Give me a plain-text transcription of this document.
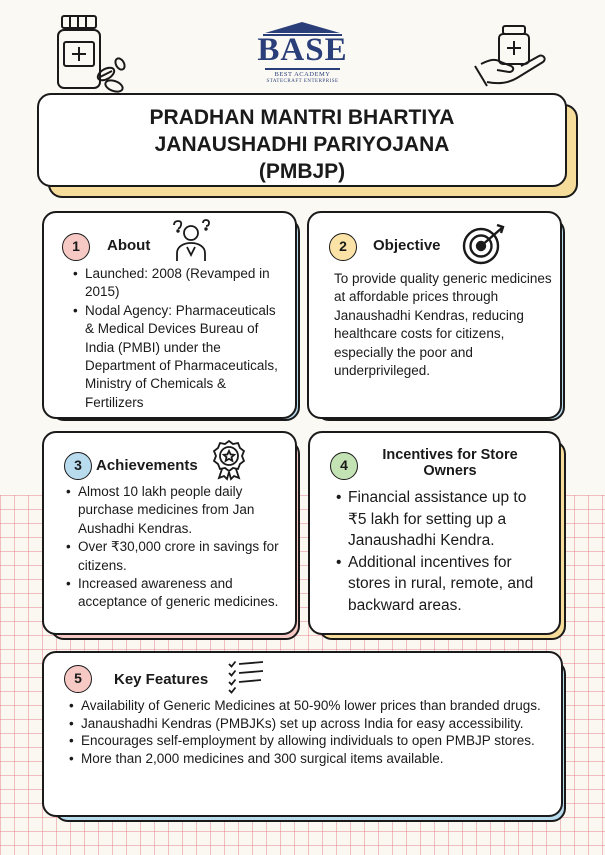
BASE
BEST ACADEMY
STATECRAFT ENTERPRISE
PRADHAN MANTRI BHARTIYA
JANAUSHADHI PARIYOJANA
(PMBJP)
1	About
• Launched: 2008 (Revamped in 2015)
• Nodal Agency: Pharmaceuticals & Medical Devices Bureau of India (PMBI) under the Department of Pharmaceuticals, Ministry of Chemicals & Fertilizers
2	Objective
To provide quality generic medicines at affordable prices through Janaushadhi Kendras, reducing healthcare costs for citizens, especially the poor and underprivileged.
3 Achievements
• Almost 10 lakh people daily purchase medicines from Jan Aushadhi Kendras.
• Over ₹30,000 crore in savings for citizens.
• Increased awareness and acceptance of generic medicines.
4
Incentives for Store
Owners
• Financial assistance up to ₹5 lakh for setting up a Janaushadhi Kendra.
• Additional incentives for stores in rural, remote, and backward areas.
5	Key Features
• Availability of Generic Medicines at 50-90% lower prices than branded drugs.
• Janaushadhi Kendras (PMBJKs) set up across India for easy accessibility.
• Encourages self-employment by allowing individuals to open PMBJP stores.
• More than 2,000 medicines and 300 surgical items available.
